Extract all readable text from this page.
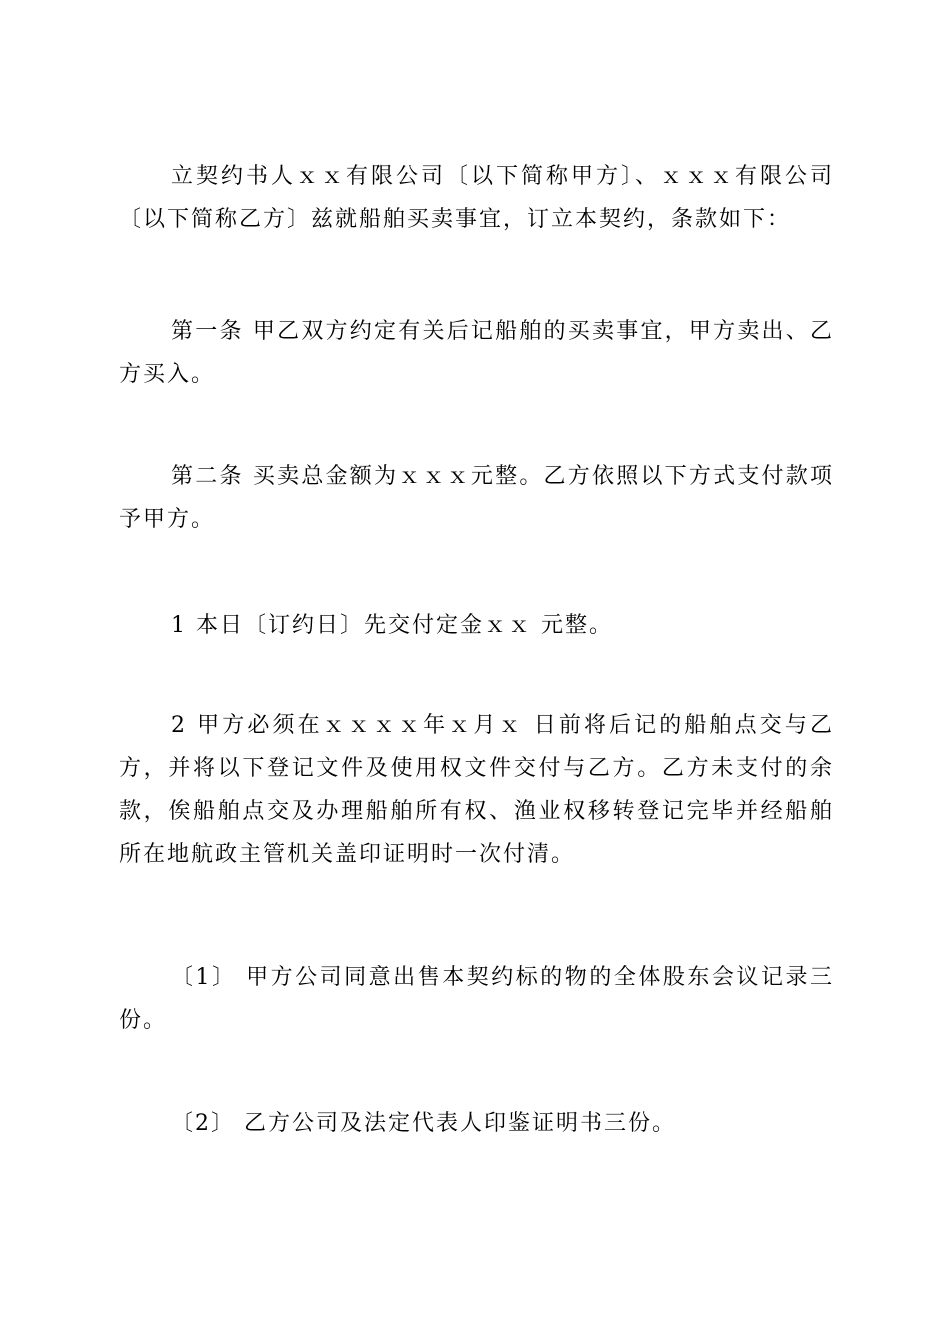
立契约书人ｘｘ有限公司〔以下简称甲方〕、ｘｘｘ有限公司〔以下简称乙方〕兹就船舶买卖事宜，订立本契约，条款如下：

第一条 甲乙双方约定有关后记船舶的买卖事宜，甲方卖出、乙方买入。

第二条 买卖总金额为ｘｘｘ元整。乙方依照以下方式支付款项予甲方。

1 本日〔订约日〕先交付定金ｘｘ 元整。

2 甲方必须在ｘｘｘｘ年ｘ月ｘ 日前将后记的船舶点交与乙方，并将以下登记文件及使用权文件交付与乙方。乙方未支付的余款，俟船舶点交及办理船舶所有权、渔业权移转登记完毕并经船舶所在地航政主管机关盖印证明时一次付清。

〔1〕 甲方公司同意出售本契约标的物的全体股东会议记录三份。

〔2〕 乙方公司及法定代表人印鉴证明书三份。
